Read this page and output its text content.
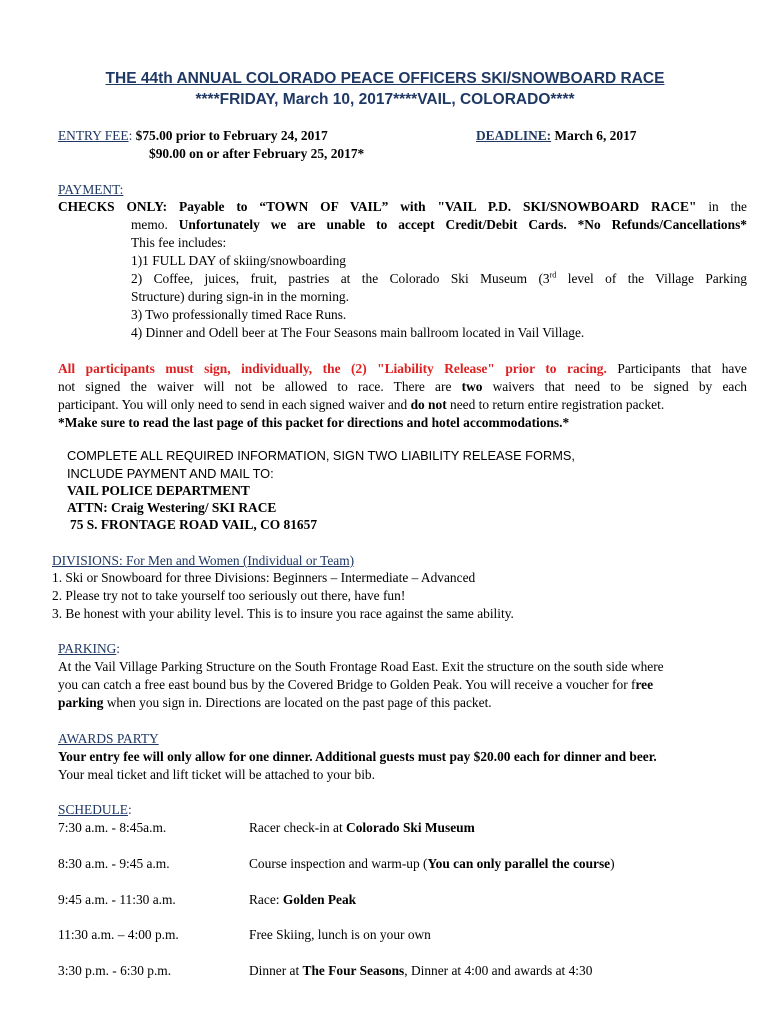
THE 44th ANNUAL COLORADO PEACE OFFICERS SKI/SNOWBOARD RACE
****FRIDAY, March 10, 2017****VAIL, COLORADO****
ENTRY FEE: $75.00 prior to February 24, 2017
$90.00 on or after February 25, 2017*
DEADLINE: March 6, 2017
PAYMENT:
CHECKS ONLY: Payable to “TOWN OF VAIL” with "VAIL P.D. SKI/SNOWBOARD RACE" in the
memo. Unfortunately we are unable to accept Credit/Debit Cards. *No Refunds/Cancellations*
This fee includes:
1)1 FULL DAY of skiing/snowboarding
2) Coffee, juices, fruit, pastries at the Colorado Ski Museum (3rd level of the Village Parking
Structure) during sign-in in the morning.
3) Two professionally timed Race Runs.
4) Dinner and Odell beer at The Four Seasons main ballroom located in Vail Village.
All participants must sign, individually, the (2) "Liability Release" prior to racing. Participants that have
not signed the waiver will not be allowed to race. There are two waivers that need to be signed by each
participant. You will only need to send in each signed waiver and do not need to return entire registration packet.
*Make sure to read the last page of this packet for directions and hotel accommodations.*
COMPLETE ALL REQUIRED INFORMATION, SIGN TWO LIABILITY RELEASE FORMS,
INCLUDE PAYMENT AND MAIL TO:
VAIL POLICE DEPARTMENT
ATTN: Craig Westering/ SKI RACE
75 S. FRONTAGE ROAD VAIL, CO 81657
DIVISIONS: For Men and Women (Individual or Team)
1. Ski or Snowboard for three Divisions: Beginners – Intermediate – Advanced
2. Please try not to take yourself too seriously out there, have fun!
3. Be honest with your ability level. This is to insure you race against the same ability.
PARKING:
At the Vail Village Parking Structure on the South Frontage Road East. Exit the structure on the south side where
you can catch a free east bound bus by the Covered Bridge to Golden Peak. You will receive a voucher for free
parking when you sign in. Directions are located on the past page of this packet.
AWARDS PARTY
Your entry fee will only allow for one dinner. Additional guests must pay $20.00 each for dinner and beer.
Your meal ticket and lift ticket will be attached to your bib.
SCHEDULE:
7:30 a.m. - 8:45a.m.	Racer check-in at Colorado Ski Museum
8:30 a.m. - 9:45 a.m.	Course inspection and warm-up (You can only parallel the course)
9:45 a.m. - 11:30 a.m.	Race: Golden Peak
11:30 a.m. – 4:00 p.m.	Free Skiing, lunch is on your own
3:30 p.m. - 6:30 p.m.	Dinner at The Four Seasons, Dinner at 4:00 and awards at 4:30
